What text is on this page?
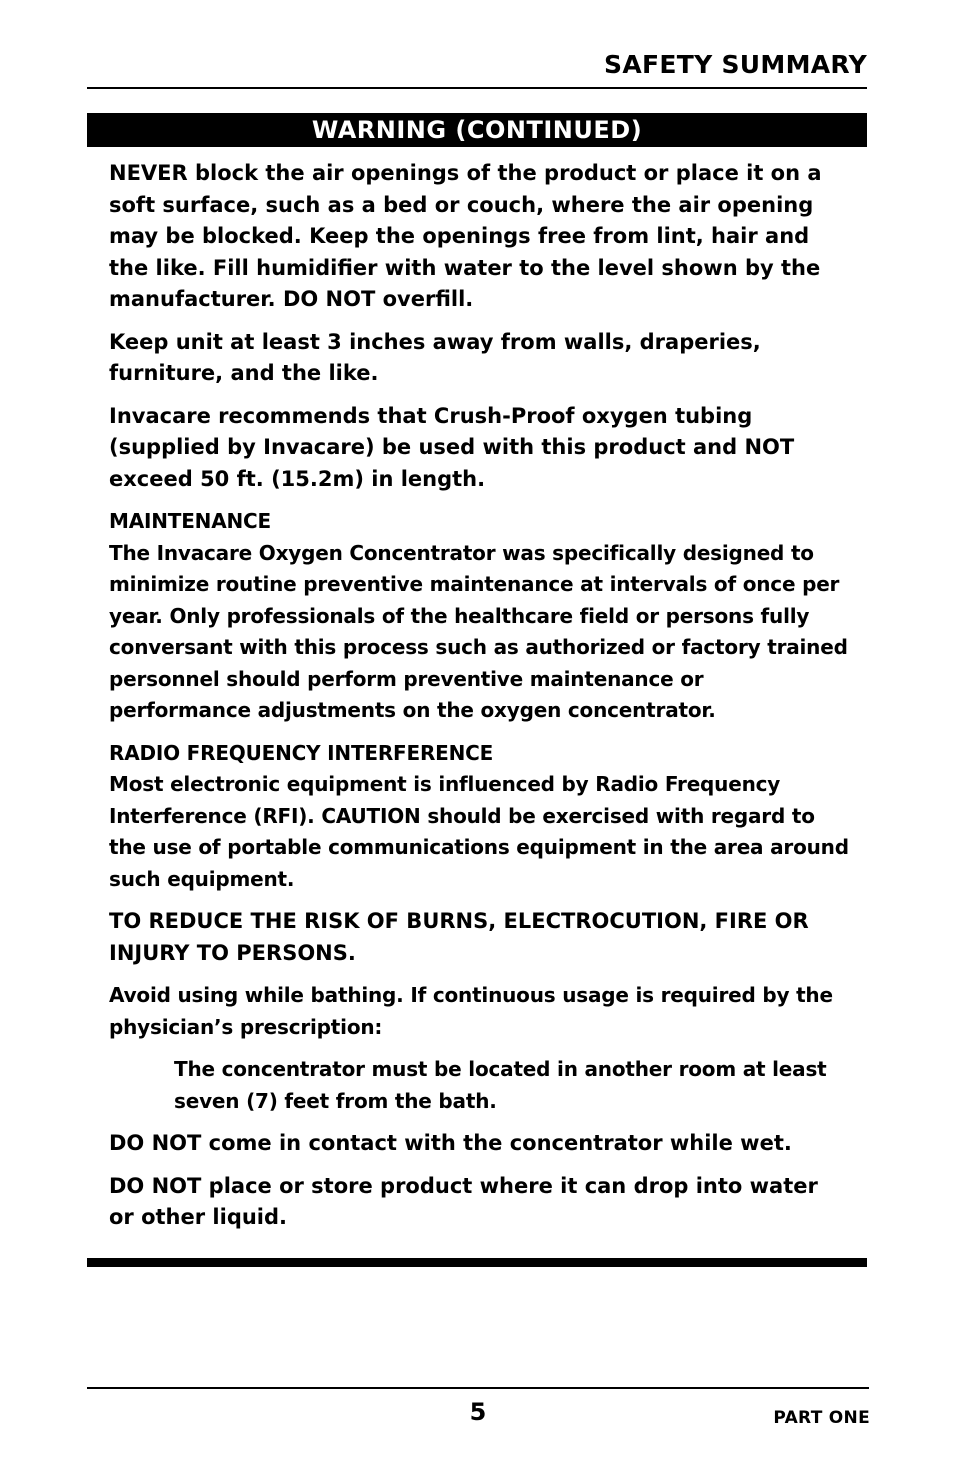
SAFETY SUMMARY
WARNING (CONTINUED)

NEVER block the air openings of the product or place it on a soft surface, such as a bed or couch, where the air opening may be blocked. Keep the openings free from lint, hair and the like. Fill humidifier with water to the level shown by the manufacturer. DO NOT overfill.

Keep unit at least 3 inches away from walls, draperies, furniture, and the like.

Invacare recommends that Crush-Proof oxygen tubing (supplied by Invacare) be used with this product and NOT exceed 50 ft. (15.2m) in length.

MAINTENANCE
The Invacare Oxygen Concentrator was specifically designed to minimize routine preventive maintenance at intervals of once per year. Only professionals of the healthcare field or persons fully conversant with this process such as authorized or factory trained personnel should perform preventive maintenance or performance adjustments on the oxygen concentrator.

RADIO FREQUENCY INTERFERENCE
Most electronic equipment is influenced by Radio Frequency Interference (RFI). CAUTION should be exercised with regard to the use of portable communications equipment in the area around such equipment.

TO REDUCE THE RISK OF BURNS, ELECTROCUTION, FIRE OR INJURY TO PERSONS.

Avoid using while bathing. If continuous usage is required by the physician’s prescription:

The concentrator must be located in another room at least seven (7) feet from the bath.

DO NOT come in contact with the concentrator while wet.

DO NOT place or store product where it can drop into water or other liquid.

5	PART ONE
